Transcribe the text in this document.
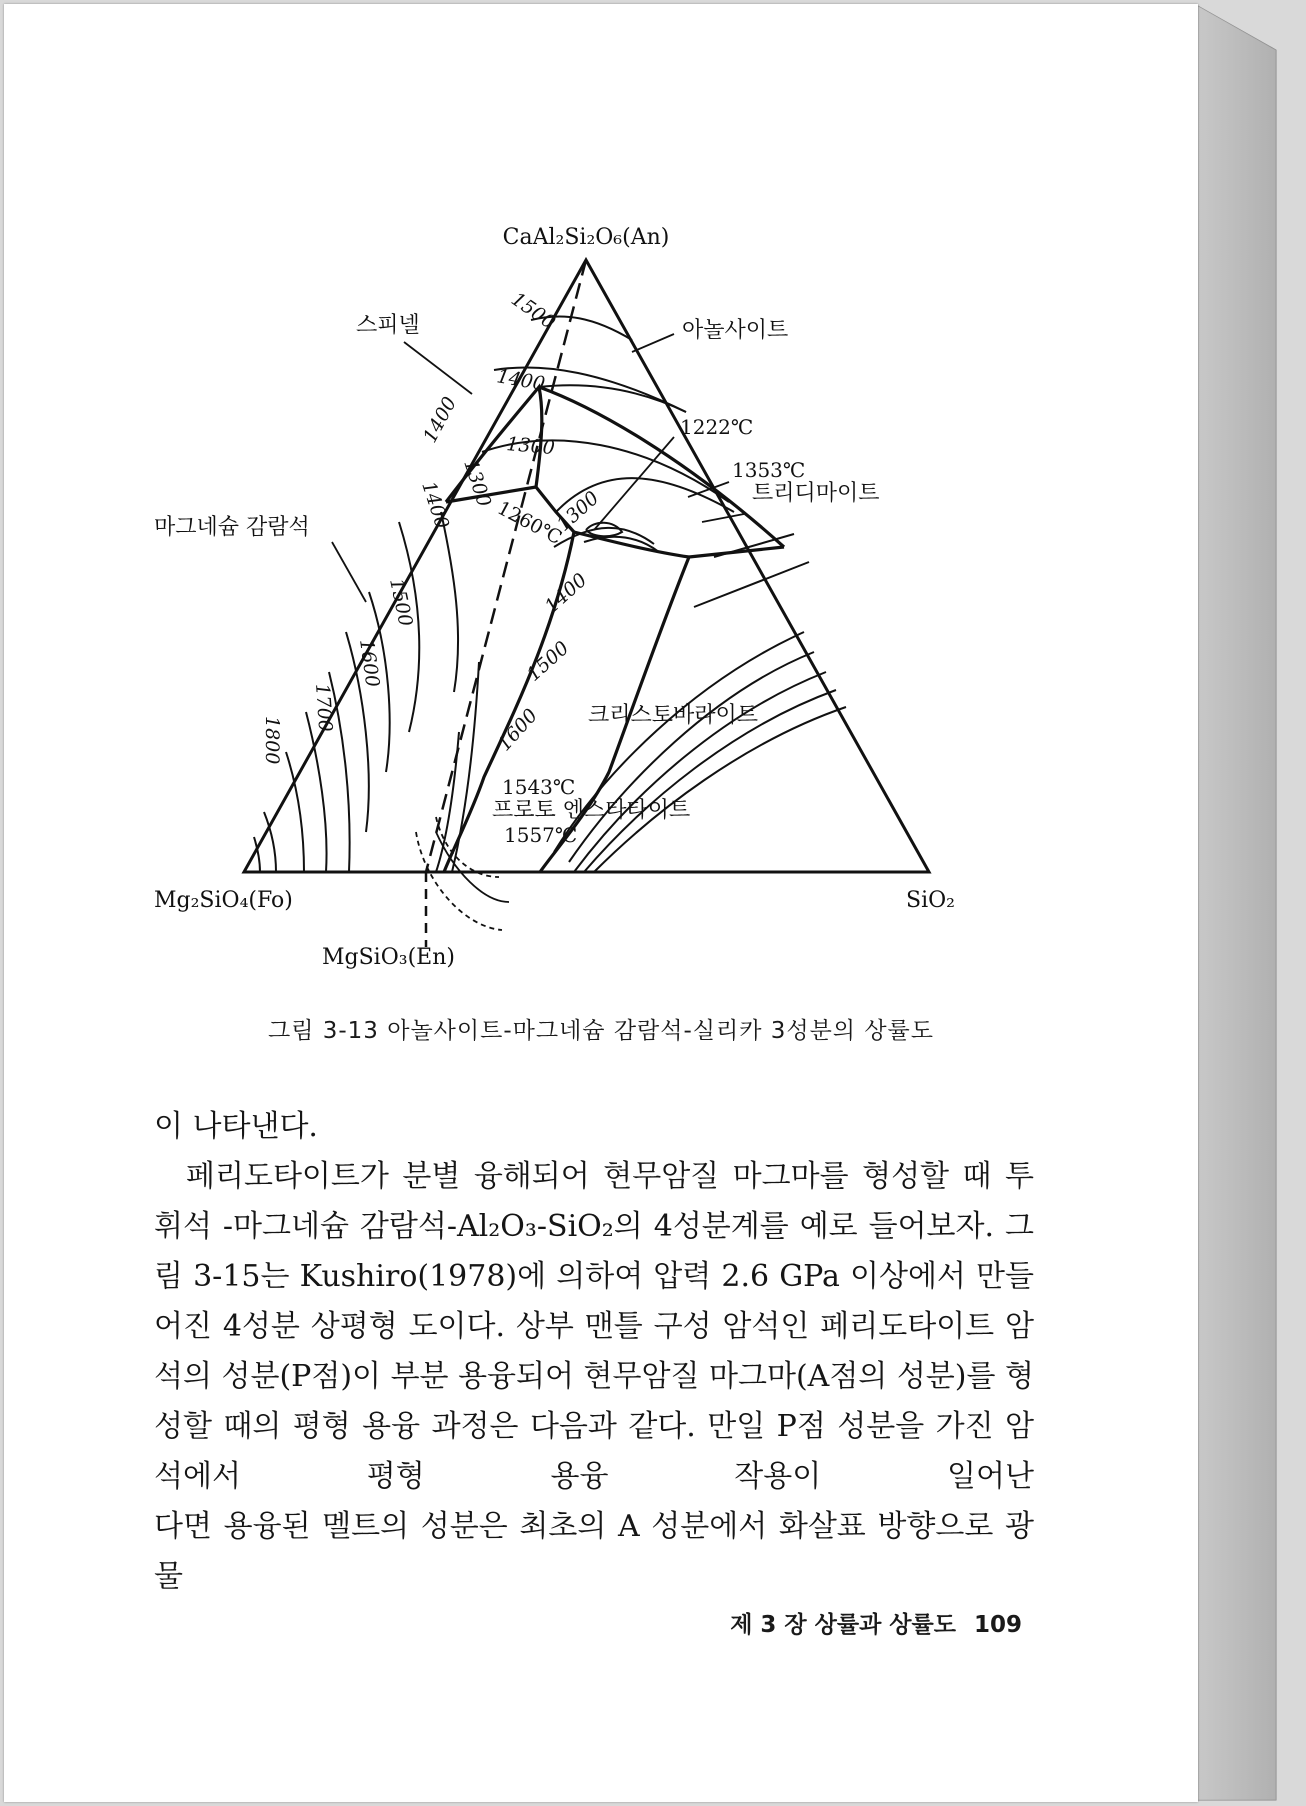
CaAl₂Si₂O₆(An)
Mg₂SiO₄(Fo)	SiO₂
MgSiO₃(En)
스피넬	아놀사이트
마그네슘 감람석
트리디마이트
크리스토바라이트
프로토 엔스타타이트
1222℃
1353℃
1543℃
1557℃
1260℃
1500
1400
1300
1400
1300
1400
1500
1600
1700
1800
1300
1400
1500
1600
그림 3-13 아놀사이트-마그네슘 감람석-실리카 3성분의 상률도

이 나타낸다.

페리도타이트가 분별 융해되어 현무암질 마그마를 형성할 때 투휘석 -마그네슘 감람석-Al₂O₃-SiO₂의 4성분계를 예로 들어보자. 그림 3-15는 Kushiro(1978)에 의하여 압력 2.6 GPa 이상에서 만들어진 4성분 상평형 도이다. 상부 맨틀 구성 암석인 페리도타이트 암석의 성분(P점)이 부분 용융되어 현무암질 마그마(A점의 성분)를 형성할 때의 평형 용융 과정은 다음과 같다. 만일 P점 성분을 가진 암석에서 평형 용융 작용이 일어난

다면 용융된 멜트의 성분은 최초의 A 성분에서 화살표 방향으로 광물

제 3 장 상률과 상률도 109
